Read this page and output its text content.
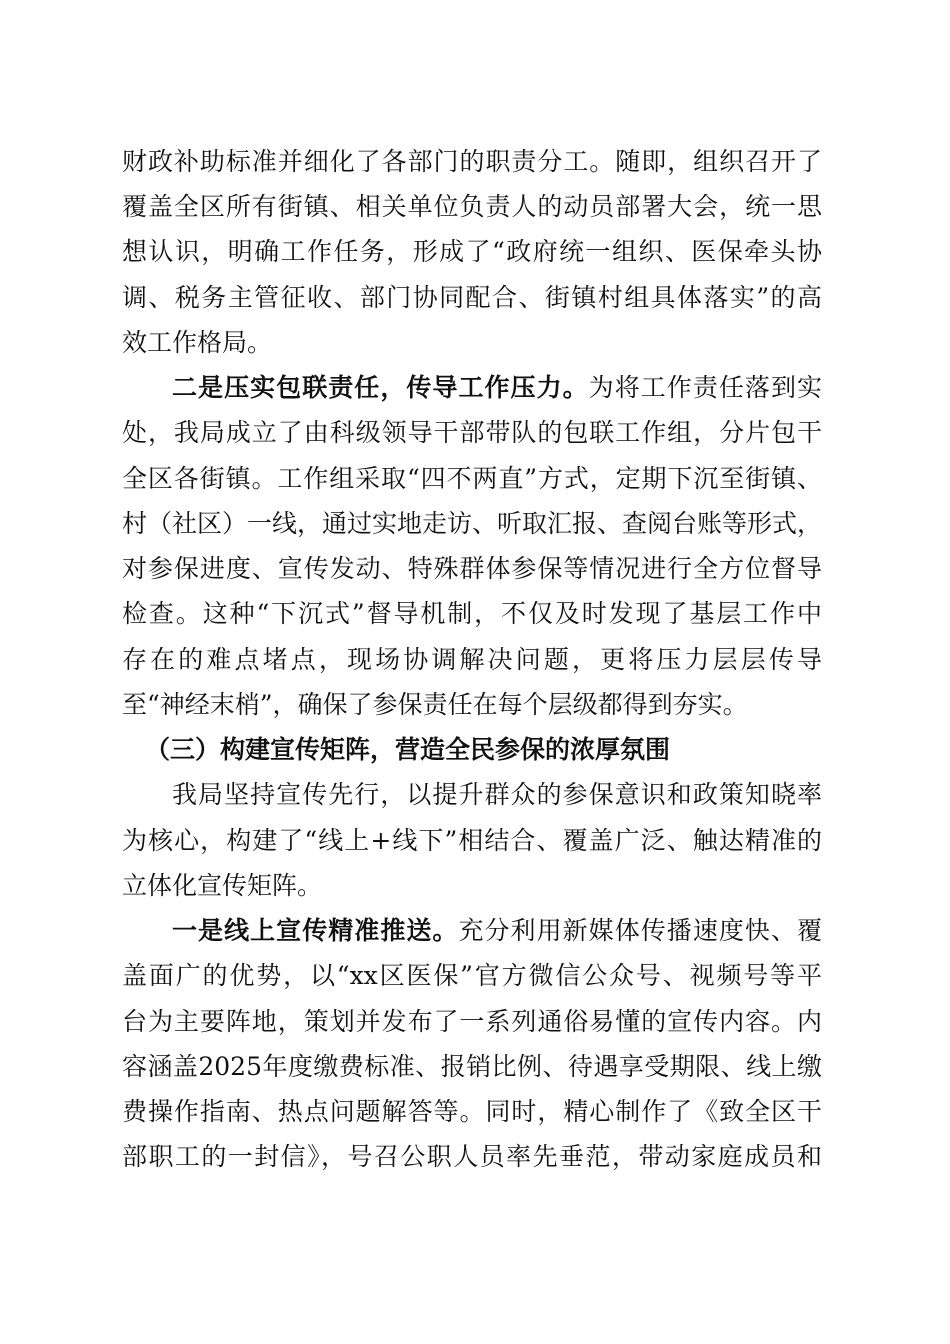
财政补助标准并细化了各部门的职责分工。随即，组织召开了
覆盖全区所有街镇、相关单位负责人的动员部署大会，统一思
想认识，明确工作任务，形成了“政府统一组织、医保牵头协
调、税务主管征收、部门协同配合、街镇村组具体落实”的高
效工作格局。
二是压实包联责任，传导工作压力。为将工作责任落到实
处，我局成立了由科级领导干部带队的包联工作组，分片包干
全区各街镇。工作组采取“四不两直”方式，定期下沉至街镇、
村（社区）一线，通过实地走访、听取汇报、查阅台账等形式，
对参保进度、宣传发动、特殊群体参保等情况进行全方位督导
检查。这种“下沉式”督导机制，不仅及时发现了基层工作中
存在的难点堵点，现场协调解决问题，更将压力层层传导
至“神经末梢”，确保了参保责任在每个层级都得到夯实。
（三）构建宣传矩阵，营造全民参保的浓厚氛围
我局坚持宣传先行，以提升群众的参保意识和政策知晓率
为核心，构建了“线上+线下”相结合、覆盖广泛、触达精准的
立体化宣传矩阵。
一是线上宣传精准推送。充分利用新媒体传播速度快、覆
盖面广的优势，以“xx区医保”官方微信公众号、视频号等平
台为主要阵地，策划并发布了一系列通俗易懂的宣传内容。内
容涵盖2025年度缴费标准、报销比例、待遇享受期限、线上缴
费操作指南、热点问题解答等。同时，精心制作了《致全区干
部职工的一封信》，号召公职人员率先垂范，带动家庭成员和
